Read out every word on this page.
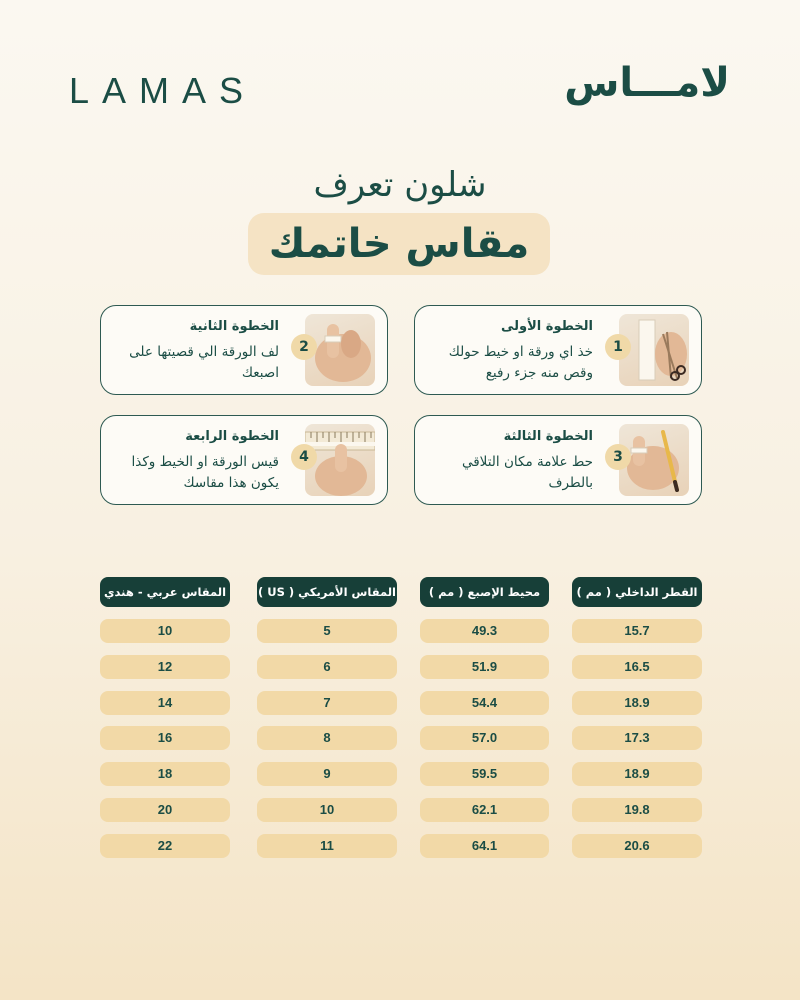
LAMAS	لامـــاس
شلون تعرف
مقاس خاتمك
1
الخطوة الأولى
خذ اي ورقة او خيط حولك وقص منه جزء رفيع
2
الخطوة الثانية
لف الورقة الي قصيتها على اصبعك
3
الخطوة الثالثة
حط علامة مكان التلاقي بالطرف
4
الخطوة الرابعة
قيس الورقة او الخيط وكذا يكون هذا مقاسك
القطر الداخلي ( مم )
محيط الإصبع ( مم )
المقاس الأمريكي ( US )
المقاس عربي - هندي
15.7
49.3
5
10
16.5
51.9
6
12
18.9
54.4
7
14
17.3
57.0
8
16
18.9
59.5
9
18
19.8
62.1
10
20
20.6
64.1
11
22
